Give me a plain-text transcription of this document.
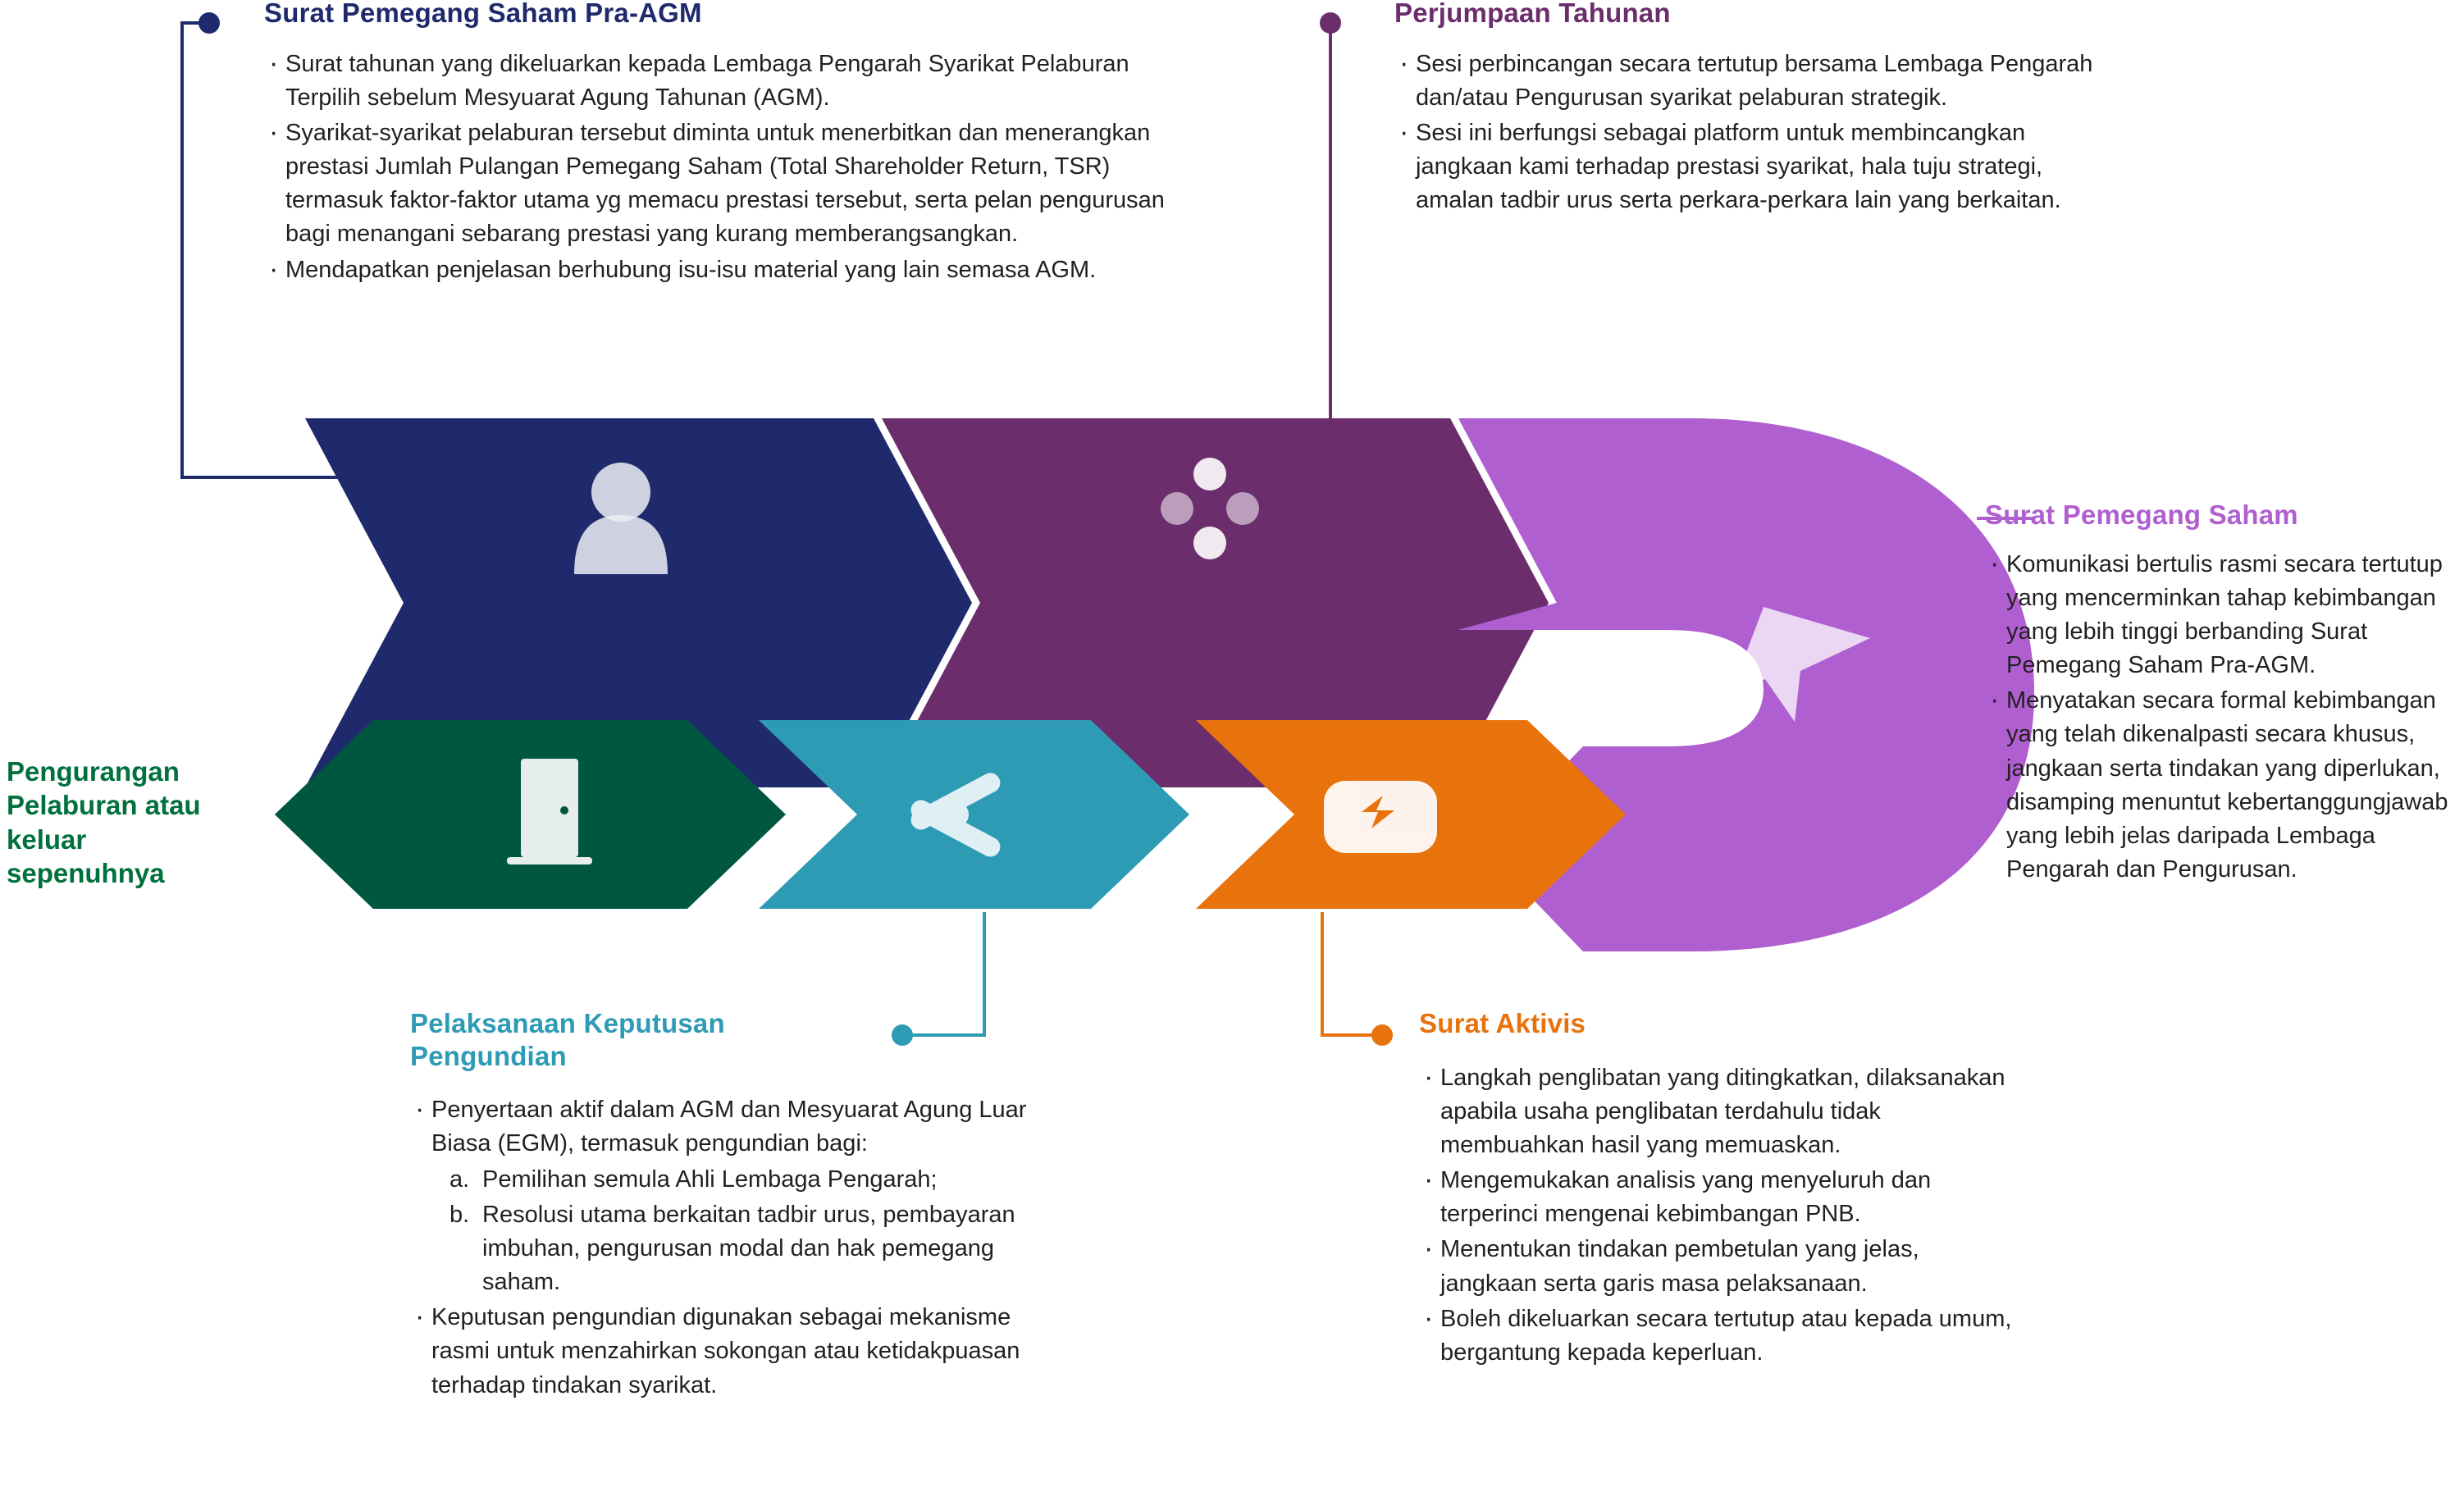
Surat Pemegang Saham Pra-AGM
· Surat tahunan yang dikeluarkan kepada Lembaga Pengarah Syarikat Pelaburan Terpilih sebelum Mesyuarat Agung Tahunan (AGM).
· Syarikat-syarikat pelaburan tersebut diminta untuk menerbitkan dan menerangkan prestasi Jumlah Pulangan Pemegang Saham (Total Shareholder Return, TSR) termasuk faktor-faktor utama yg memacu prestasi tersebut, serta pelan pengurusan bagi menangani sebarang prestasi yang kurang memberangsangkan.
· Mendapatkan penjelasan berhubung isu-isu material yang lain semasa AGM.
Perjumpaan Tahunan
· Sesi perbincangan secara tertutup bersama Lembaga Pengarah dan/atau Pengurusan syarikat pelaburan strategik.
· Sesi ini berfungsi sebagai platform untuk membincangkan jangkaan kami terhadap prestasi syarikat, hala tuju strategi, amalan tadbir urus serta perkara-perkara lain yang berkaitan.
Surat Pemegang Saham
· Komunikasi bertulis rasmi secara tertutup yang mencerminkan tahap kebimbangan yang lebih tinggi berbanding Surat Pemegang Saham Pra-AGM.
· Menyatakan secara formal kebimbangan yang telah dikenalpasti secara khusus, jangkaan serta tindakan yang diperlukan, disamping menuntut kebertanggungjawab yang lebih jelas daripada Lembaga Pengarah dan Pengurusan.
Pelaksanaan Keputusan Pengundian
· Penyertaan aktif dalam AGM dan Mesyuarat Agung Luar Biasa (EGM), termasuk pengundian bagi:
a. Pemilihan semula Ahli Lembaga Pengarah;
b. Resolusi utama berkaitan tadbir urus, pembayaran imbuhan, pengurusan modal dan hak pemegang saham.
· Keputusan pengundian digunakan sebagai mekanisme rasmi untuk menzahirkan sokongan atau ketidakpuasan terhadap tindakan syarikat.
Surat Aktivis
· Langkah penglibatan yang ditingkatkan, dilaksanakan apabila usaha penglibatan terdahulu tidak membuahkan hasil yang memuaskan.
· Mengemukakan analisis yang menyeluruh dan terperinci mengenai kebimbangan PNB.
· Menentukan tindakan pembetulan yang jelas, jangkaan serta garis masa pelaksanaan.
· Boleh dikeluarkan secara tertutup atau kepada umum, bergantung kepada keperluan.
Pengurangan Pelaburan atau keluar sepenuhnya
